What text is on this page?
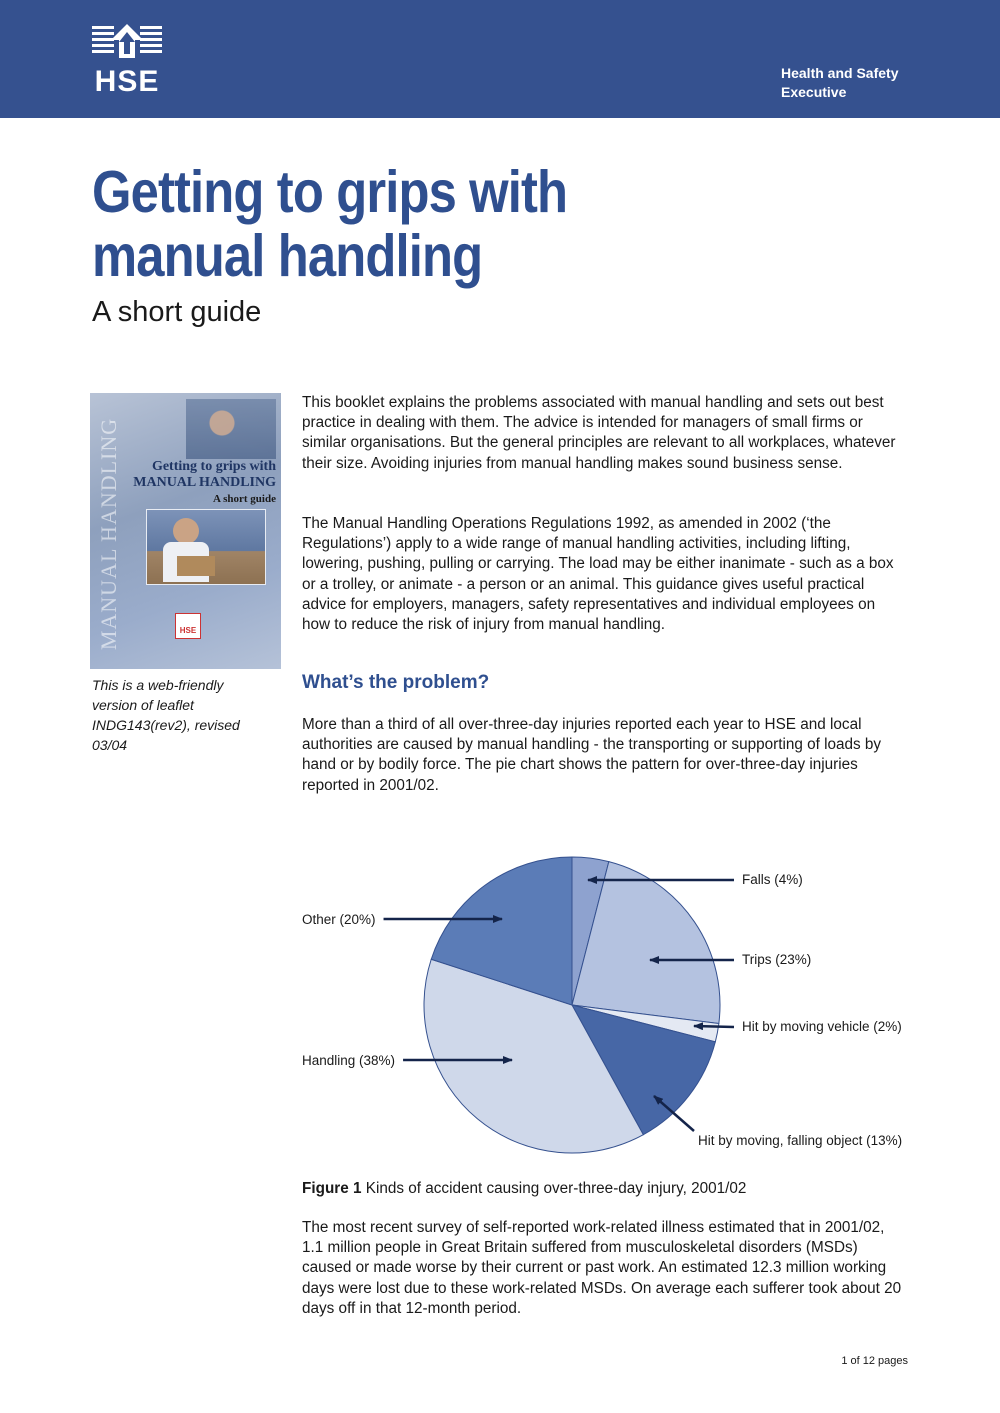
HSE	Health and Safety
Executive
Getting to grips with
manual handling
A short guide
MANUAL HANDLING	Getting to grips with
MANUAL HANDLING
A short guide
HSE
This is a web-friendly version of leaflet INDG143(rev2), revised 03/04

This booklet explains the problems associated with manual handling and sets out best practice in dealing with them. The advice is intended for managers of small firms or similar organisations. But the general principles are relevant to all workplaces, whatever their size. Avoiding injuries from manual handling makes sound business sense.

The Manual Handling Operations Regulations 1992, as amended in 2002 (‘the Regulations’) apply to a wide range of manual handling activities, including lifting, lowering, pushing, pulling or carrying. The load may be either inanimate - such as a box or a trolley, or animate - a person or an animal. This guidance gives useful practical advice for employers, managers, safety representatives and individual employees on how to reduce the risk of injury from manual handling.

What’s the problem?

More than a third of all over-three-day injuries reported each year to HSE and local authorities are caused by manual handling - the transporting or supporting of loads by hand or by bodily force. The pie chart shows the pattern for over-three-day injuries reported in 2001/02.

Falls (4%)
Trips (23%)
Hit by moving vehicle (2%)
Hit by moving, falling object (13%)
Handling (38%)
Other (20%)
Figure 1 Kinds of accident causing over-three-day injury, 2001/02

The most recent survey of self-reported work-related illness estimated that in 2001/02, 1.1 million people in Great Britain suffered from musculoskeletal disorders (MSDs) caused or made worse by their current or past work. An estimated 12.3 million working days were lost due to these work-related MSDs. On average each sufferer took about 20 days off in that 12-month period.

1 of 12 pages
